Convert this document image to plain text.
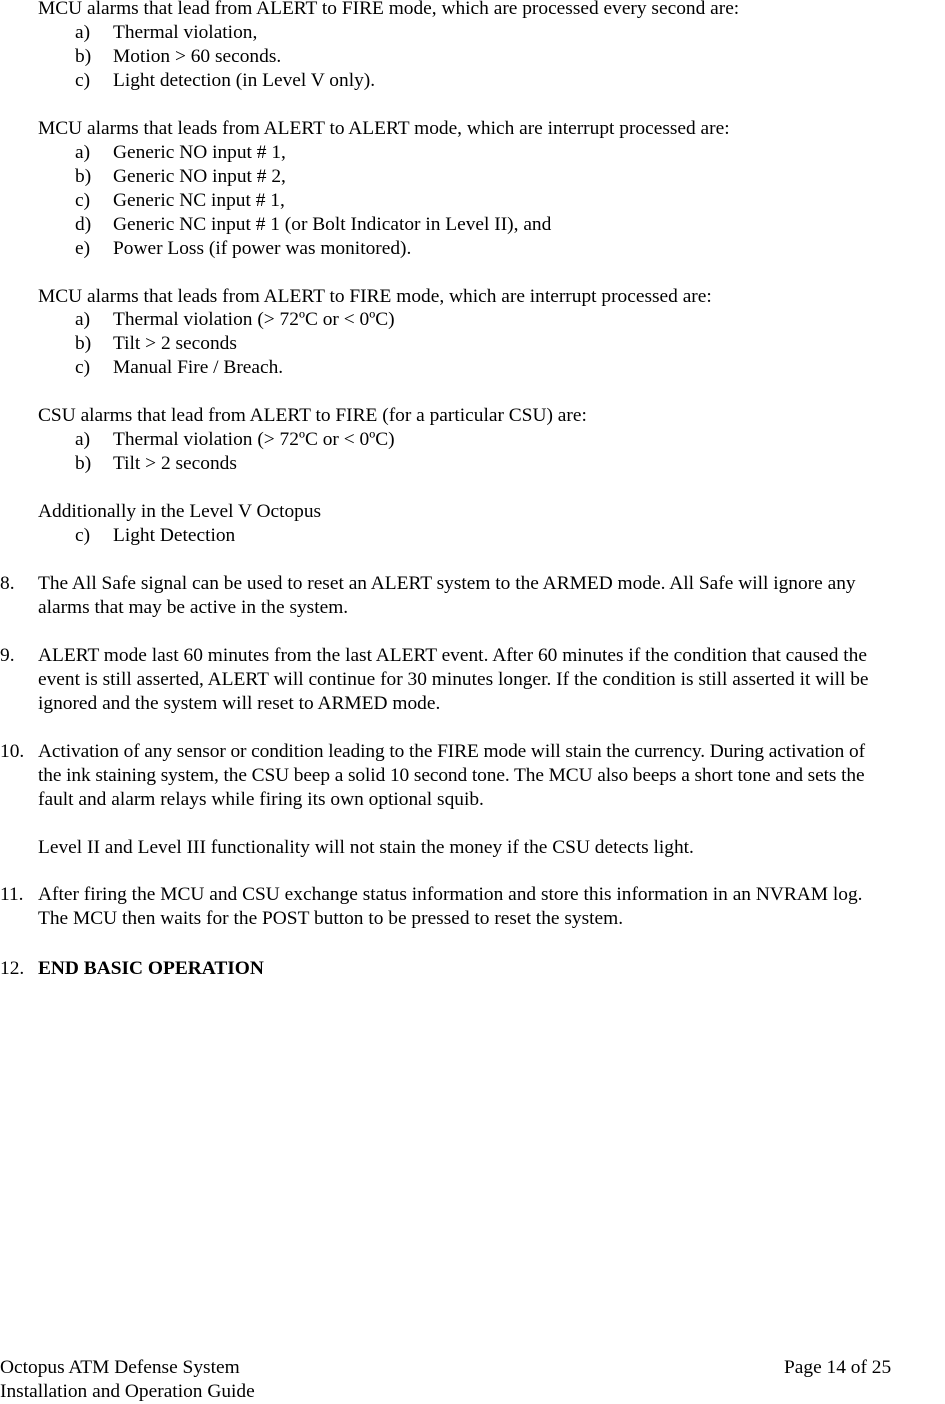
MCU alarms that lead from ALERT to FIRE mode, which are processed every second are:
a) Thermal violation,
b) Motion > 60 seconds.
c) Light detection (in Level V only).
MCU alarms that leads from ALERT to ALERT mode, which are interrupt processed are:
a) Generic NO input # 1,
b) Generic NO input # 2,
c) Generic NC input # 1,
d) Generic NC input # 1 (or Bolt Indicator in Level II), and
e) Power Loss (if power was monitored).
MCU alarms that leads from ALERT to FIRE mode, which are interrupt processed are:
a) Thermal violation (> 72ºC or < 0ºC)
b) Tilt > 2 seconds
c) Manual Fire / Breach.
CSU alarms that lead from ALERT to FIRE (for a particular CSU) are:
a) Thermal violation (> 72ºC or < 0ºC)
b) Tilt > 2 seconds
Additionally in the Level V Octopus
c) Light Detection
8. The All Safe signal can be used to reset an ALERT system to the ARMED mode. All Safe will ignore any
alarms that may be active in the system.
9. ALERT mode last 60 minutes from the last ALERT event. After 60 minutes if the condition that caused the
event is still asserted, ALERT will continue for 30 minutes longer. If the condition is still asserted it will be
ignored and the system will reset to ARMED mode.
10. Activation of any sensor or condition leading to the FIRE mode will stain the currency. During activation of
the ink staining system, the CSU beep a solid 10 second tone. The MCU also beeps a short tone and sets the
fault and alarm relays while firing its own optional squib.
Level II and Level III functionality will not stain the money if the CSU detects light.
11. After firing the MCU and CSU exchange status information and store this information in an NVRAM log.
The MCU then waits for the POST button to be pressed to reset the system.
12. END BASIC OPERATION
Octopus ATM Defense System
Installation and Operation Guide
Page 14 of 25
